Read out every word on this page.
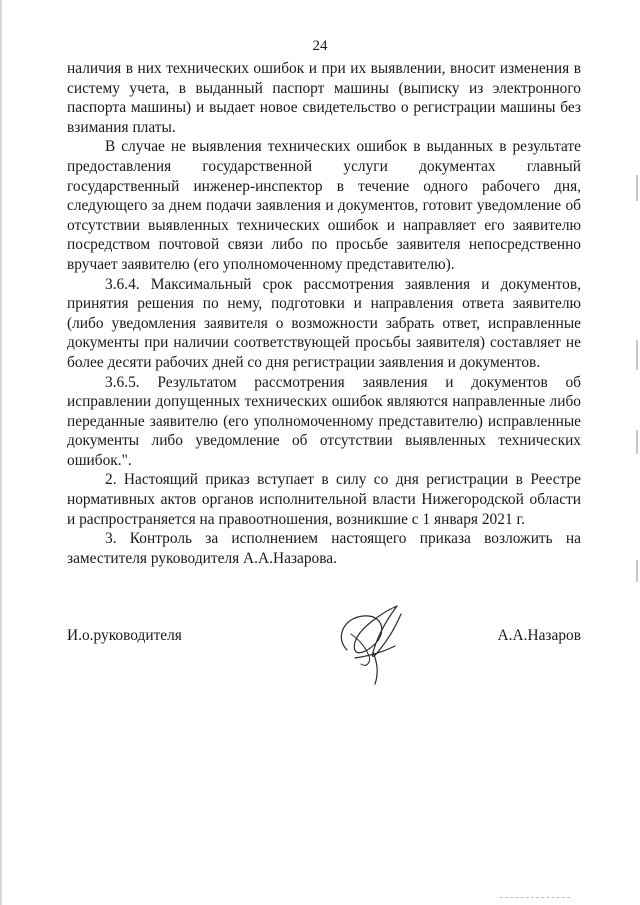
24

наличия в них технических ошибок и при их выявлении, вносит изменения в систему учета, в выданный паспорт машины (выписку из электронного паспорта машины) и выдает новое свидетельство о регистрации машины без взимания платы.

В случае не выявления технических ошибок в выданных в результате предоставления государственной услуги документах главный государственный инженер-инспектор в течение одного рабочего дня, следующего за днем подачи заявления и документов, готовит уведомление об отсутствии выявленных технических ошибок и направляет его заявителю посредством почтовой связи либо по просьбе заявителя непосредственно вручает заявителю (его уполномоченному представителю).

3.6.4. Максимальный срок рассмотрения заявления и документов, принятия решения по нему, подготовки и направления ответа заявителю (либо уведомления заявителя о возможности забрать ответ, исправленные документы при наличии соответствующей просьбы заявителя) составляет не более десяти рабочих дней со дня регистрации заявления и документов.

3.6.5. Результатом рассмотрения заявления и документов об исправлении допущенных технических ошибок являются направленные либо переданные заявителю (его уполномоченному представителю) исправленные документы либо уведомление об отсутствии выявленных технических ошибок.".

2. Настоящий приказ вступает в силу со дня регистрации в Реестре нормативных актов органов исполнительной власти Нижегородской области и распространяется на правоотношения, возникшие с 1 января 2021 г.

3. Контроль за исполнением настоящего приказа возложить на заместителя руководителя А.А.Назарова.

И.о.руководителя	А.А.Назаров
